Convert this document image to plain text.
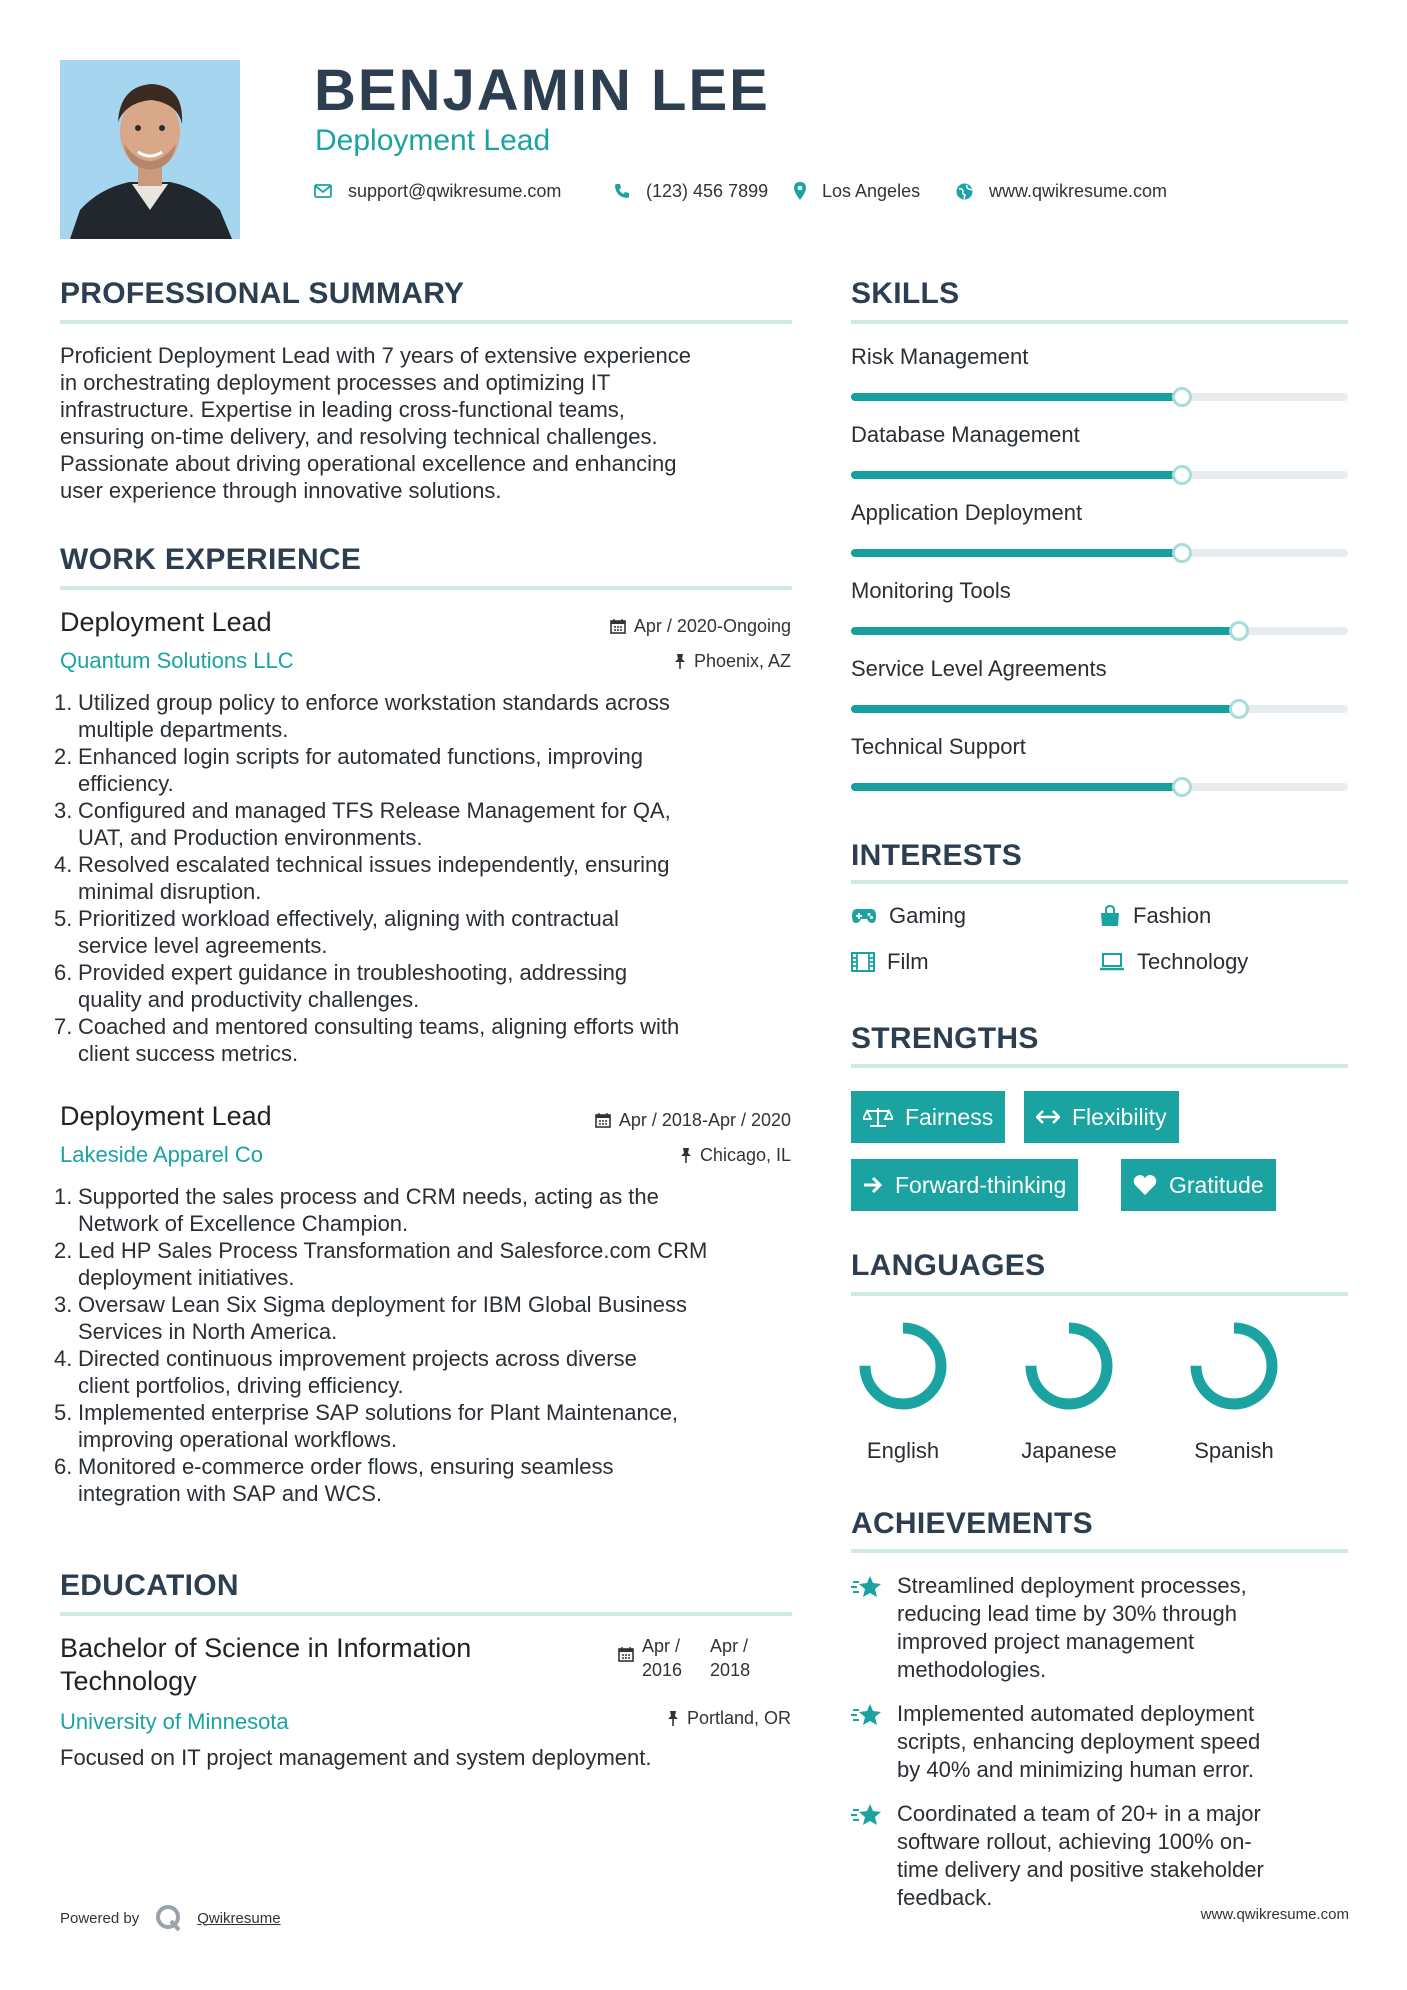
BENJAMIN LEE
Deployment Lead
support@qwikresume.com	(123) 456 7899	Los Angeles	www.qwikresume.com
PROFESSIONAL SUMMARY
Proficient Deployment Lead with 7 years of extensive experience
in orchestrating deployment processes and optimizing IT
infrastructure. Expertise in leading cross-functional teams,
ensuring on-time delivery, and resolving technical challenges.
Passionate about driving operational excellence and enhancing
user experience through innovative solutions.
WORK EXPERIENCE
Deployment Lead	Apr / 2020-Ongoing
Quantum Solutions LLC	Phoenix, AZ
1. Utilized group policy to enforce workstation standards across
multiple departments.
2. Enhanced login scripts for automated functions, improving
efficiency.
3. Configured and managed TFS Release Management for QA,
UAT, and Production environments.
4. Resolved escalated technical issues independently, ensuring
minimal disruption.
5. Prioritized workload effectively, aligning with contractual
service level agreements.
6. Provided expert guidance in troubleshooting, addressing
quality and productivity challenges.
7. Coached and mentored consulting teams, aligning efforts with
client success metrics.
Deployment Lead	Apr / 2018-Apr / 2020
Lakeside Apparel Co	Chicago, IL
1. Supported the sales process and CRM needs, acting as the
Network of Excellence Champion.
2. Led HP Sales Process Transformation and Salesforce.com CRM
deployment initiatives.
3. Oversaw Lean Six Sigma deployment for IBM Global Business
Services in North America.
4. Directed continuous improvement projects across diverse
client portfolios, driving efficiency.
5. Implemented enterprise SAP solutions for Plant Maintenance,
improving operational workflows.
6. Monitored e-commerce order flows, ensuring seamless
integration with SAP and WCS.
EDUCATION
Bachelor of Science in Information
Technology
Apr /
2016
Apr /
2018
University of Minnesota	Portland, OR
Focused on IT project management and system deployment.
SKILLS
Risk Management
Database Management
Application Deployment
Monitoring Tools
Service Level Agreements
Technical Support
INTERESTS
Gaming	Fashion
Film	Technology
STRENGTHS
Fairness	Flexibility
Forward-thinking	Gratitude
LANGUAGES
English	Japanese	Spanish
ACHIEVEMENTS
Streamlined deployment processes,
reducing lead time by 30% through
improved project management
methodologies.
Implemented automated deployment
scripts, enhancing deployment speed
by 40% and minimizing human error.
Coordinated a team of 20+ in a major
software rollout, achieving 100% on-
time delivery and positive stakeholder
feedback.
Powered by	Qwikresume	www.qwikresume.com
